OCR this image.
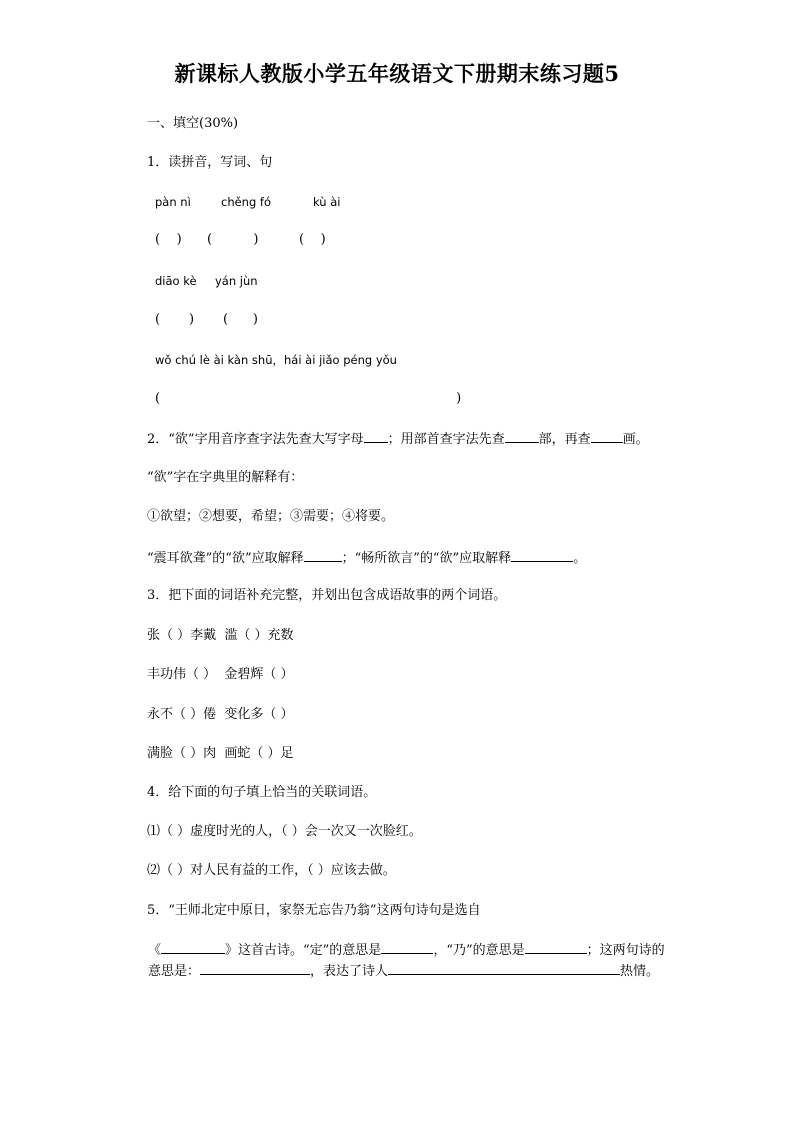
新课标人教版小学五年级语文下册期末练习题5
一、填空(30%)
1．读拼音，写词、句
pàn nì	chěng fó	kù ài
(    ) (          )	(    )
diāo kè yán jùn
(       ) (      )
wǒ chú lè ài kàn shū，hái ài jiǎo péng yǒu
(	)
2．“欲”字用音序查字法先查大写字母 ；用部首查字法先查	部，再查 画。
“欲”字在字典里的解释有：
①欲望；②想要，希望；③需要；④将要。
“震耳欲聋”的“欲”应取解释	；“畅所欲言”的“欲”应取解释	。
3．把下面的词语补充完整，并划出包含成语故事的两个词语。
张（ ）李戴  滥（ ）充数
丰功伟（ ）  金碧辉（ ）
永不（ ）倦  变化多（ ）
满脸（ ）肉  画蛇（ ）足
4．给下面的句子填上恰当的关联词语。
⑴（ ）虚度时光的人，（ ）会一次又一次脸红。
⑵（ ）对人民有益的工作，（ ）应该去做。
5．“王师北定中原日，家祭无忘告乃翁”这两句诗句是选自
《	》这首古诗。“定”的意思是	，“乃”的意思是	；这两句诗的意思是：	，表达了诗人	热情。
